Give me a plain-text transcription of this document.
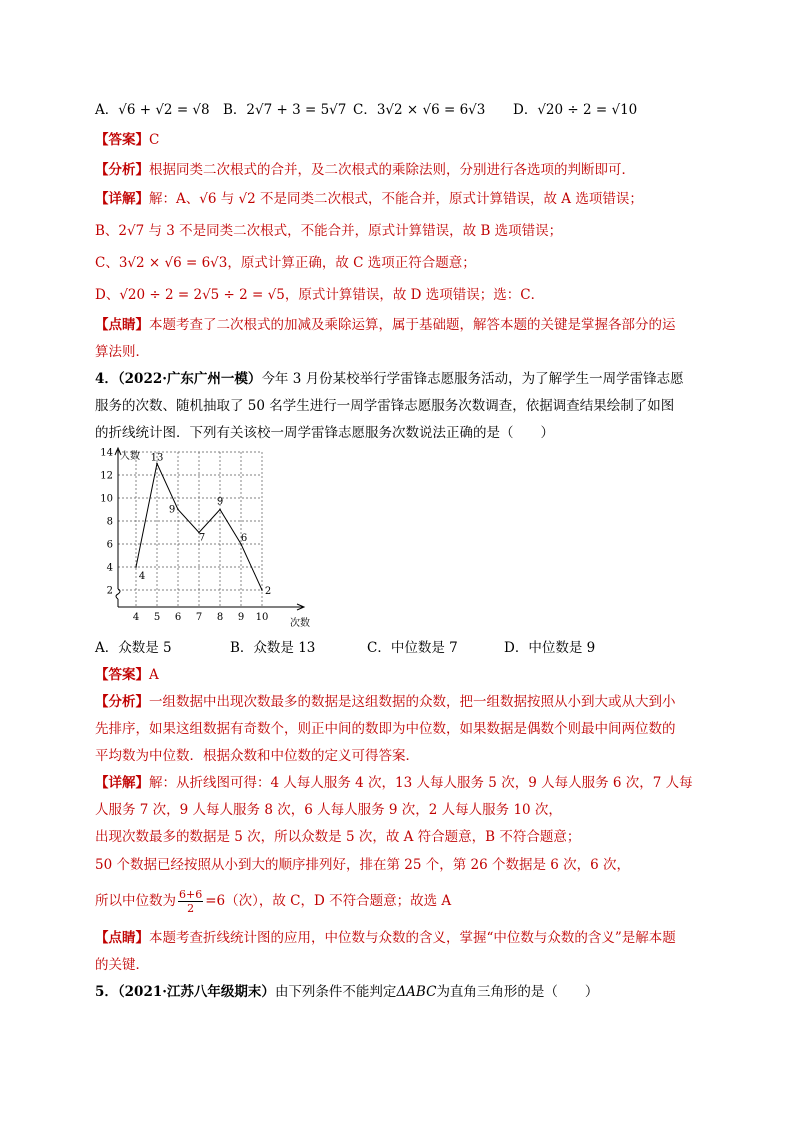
A．√6 + √2 = √8 B．2√7 + 3 = 5√7 C．3√2 × √6 = 6√3 D．√20 ÷ 2 = √10
【答案】C
【分析】根据同类二次根式的合并，及二次根式的乘除法则，分别进行各选项的判断即可．
【详解】解：A、√6 与 √2 不是同类二次根式，不能合并，原式计算错误，故 A 选项错误；
B、2√7 与 3 不是同类二次根式，不能合并，原式计算错误，故 B 选项错误；
C、3√2 × √6 = 6√3，原式计算正确，故 C 选项正符合题意；
D、√20 ÷ 2 = 2√5 ÷ 2 = √5，原式计算错误，故 D 选项错误；选：C．
【点睛】本题考查了二次根式的加减及乘除运算，属于基础题，解答本题的关键是掌握各部分的运
算法则．
4．（2022·广东广州一模）今年 3 月份某校举行学雷锋志愿服务活动，为了解学生一周学雷锋志愿
服务的次数、随机抽取了 50 名学生进行一周学雷锋志愿服务次数调查，依据调查结果绘制了如图
的折线统计图．下列有关该校一周学雷锋志愿服务次数说法正确的是（　　）
人数
次数
2
4
6
8
10
12
14
4 5 6 7 8 9 10
4
13
9
7
9
6
2
A．众数是 5	B．众数是 13	C．中位数是 7	D．中位数是 9
【答案】A
【分析】一组数据中出现次数最多的数据是这组数据的众数，把一组数据按照从小到大或从大到小
先排序，如果这组数据有奇数个，则正中间的数即为中位数，如果数据是偶数个则最中间两位数的
平均数为中位数．根据众数和中位数的定义可得答案．
【详解】解：从折线图可得：4 人每人服务 4 次，13 人每人服务 5 次，9 人每人服务 6 次，7 人每
人服务 7 次，9 人每人服务 8 次，6 人每人服务 9 次，2 人每人服务 10 次，
出现次数最多的数据是 5 次，所以众数是 5 次，故 A 符合题意，B 不符合题意；
50 个数据已经按照从小到大的顺序排列好，排在第 25 个，第 26 个数据是 6 次，6 次，
所以中位数为 $\frac{6+6}{2} =6$（次），故 C，D 不符合题意；故选 A
【点睛】本题考查折线统计图的应用，中位数与众数的含义，掌握“中位数与众数的含义”是解本题
的关键．
5．（2021·江苏八年级期末）由下列条件不能判定ΔABC为直角三角形的是（　　）
